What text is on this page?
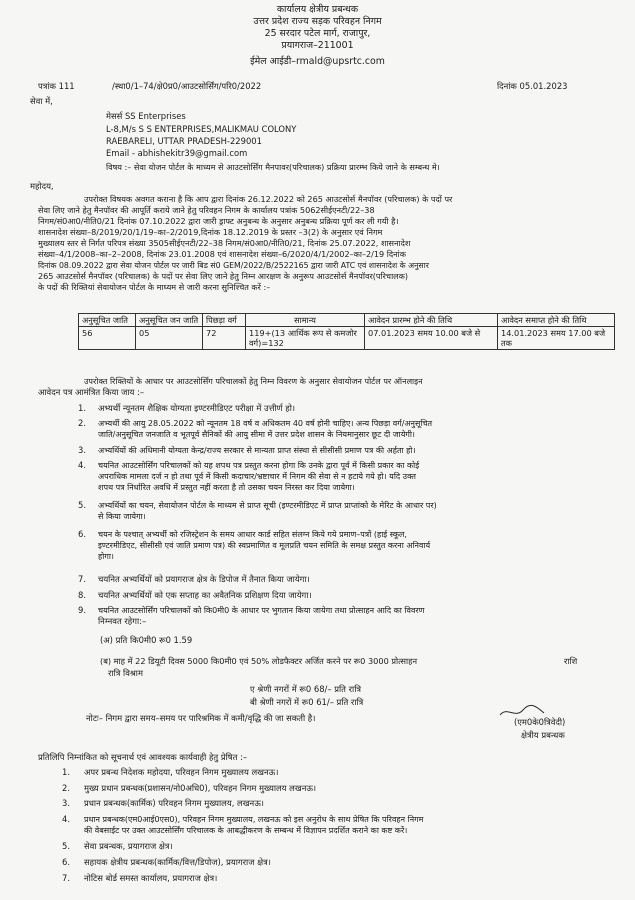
कार्यालय क्षेत्रीय प्रबन्धक
उत्तर प्रदेश राज्य सड़क परिवहन निगम
25 सरदार पटेल मार्ग, राजापुर,
प्रयागराज–211001
ईमेल आईडी–rmald@upsrtc.com
पत्रांक 111	/स्था0/1–74/क्षे0प्र0/आउटसोर्सिंग/परि0/2022	दिनांक 05.01.2023
सेवा में,
मेसर्स SS Enterprises
L-8,M/s S S ENTERPRISES,MALIKMAU COLONY
RAEBARELI, UTTAR PRADESH-229001
Email - abhishekitr39@gmail.com
विषय :– सेवा योजन पोर्टल के माध्यम से आउटसोर्सिंग मैनपावर(परिचालक) प्रक्रिया प्रारम्भ किये जाने के सम्बन्ध मे।
महोदय,
उपरोक्त विषयक अवगत कराना है कि आप द्वारा दिनांक 26.12.2022 को 265 आउटसोर्स मैनपॉवर (परिचालक) के पदों पर
सेवा लिए जाने हेतु मैनपॉवर की आपूर्ति कराये जाने हेतु परिवहन निगम के कार्यालय पत्रांक 5062सीईएनटी/22–38
निगम/सं0आ0/नीति0/21 दिनांक 07.10.2022 द्वारा जारी ड्राफ्ट अनुबन्ध के अनुसार अनुबन्ध प्रक्रिया पूर्ण कर ली गयी है।
शासनादेश संख्या–8/2019/20/1/19–का–2/2019,दिनांक 18.12.2019 के प्रस्तर –3(2) के अनुसार एवं निगम
मुख्यालय स्तर से निर्गत परिपत्र संख्या 3505सीईएनटी/22–38 निगम/सं0आ0/नीति0/21, दिनांक 25.07.2022, शासनादेश
संख्या–4/1/2008–का–2–2008, दिनांक 23.01.2008 एवं शासनादेश संख्या–6/2020/4/1/2002–का–2/19 दिनांक
दिनांक 08.09.2022 द्वारा सेवा योजन पोर्टल पर जारी बिड सं0 GEM/2022/B/2522165 द्वारा जारी ATC एवं शासनादेश के अनुसार
265 आउटसोर्स मैनपॉवर (परिचालक) के पदों पर सेवा लिए जाने हेतु निम्न आरक्षण के अनुरूप आउटसोर्स मैनपॉवर(परिचालक)
के पदों की रिक्तियां सेवायोजन पोर्टल के माध्यम से जारी करना सुनिश्चित करें :–
अनुसूचित जाति	अनुसूचित जन जाति	पिछड़ा वर्ग	सामान्य	आवेदन प्रारम्भ होने की तिथि	आवेदन समाप्त होने की तिथि
56	05	72	119+(13 आर्थिक रूप से कमजोर वर्ग)=132	07.01.2023 समय 10.00 बजे से	14.01.2023 समय 17.00 बजे तक
उपरोक्त रिक्तियों के आधार पर आउटसोर्सिंग परिचालकों हेतु निम्न विवरण के अनुसार सेवायोजन पोर्टल पर ऑनलाइन
आवेदन पत्र आमंत्रित किया जाय :–
1.	अभ्यर्थी न्यूनतम शैक्षिक योग्यता इण्टरमीडिएट परीक्षा में उत्तीर्ण हो।
2.	अभ्यर्थी की आयु 28.05.2022 को न्यूनतम 18 वर्ष व अधिकतम 40 वर्ष होनी चाहिए। अन्य पिछड़ा वर्ग/अनुसूचित
जाति/अनुसूचित जनजाति व भूतपूर्व सैनिकों की आयु सीमा में उत्तर प्रदेश शासन के नियमानुसार छूट दी जायेगी।
3.	अभ्यर्थियों की अधिमानी योग्यता केन्द्र/राज्य सरकार से मान्यता प्राप्त संस्था से सीसीसी प्रमाण पत्र की अर्हता हो।
4.	चयनित आउटसोर्सिंग परिचालकों को यह शपथ पत्र प्रस्तुत करना होगा कि उनके द्वारा पूर्व में किसी प्रकार का कोई
अपराधिक मामला दर्ज न हो तथा पूर्व में किसी कदाचार/भ्रष्टाचार में निगम की सेवा से न हटाये गये हो। यदि उक्त
शपथ पत्र निर्धारित अवधि में प्रस्तुत नहीं करता है तो उसका चयन निरस्त कर दिया जायेगा।
5.	अभ्यर्थियों का चयन, सेवायोजन पोर्टल के माध्यम से प्राप्त सूची (इण्टरमीडिएट में प्राप्त प्राप्तांको के मेरिट के आधार पर)
से किया जायेगा।
6.	चयन के पश्चात् अभ्यर्थी को रजिस्ट्रेशन के समय आधार कार्ड सहित संलग्न किये गये प्रमाण–पत्रों (हाई स्कूल,
इण्टरमीडिएट, सीसीसी एवं जाति प्रमाण पत्र) की स्वप्रमाणित व मूलप्रति चयन समिति के समक्ष प्रस्तुत करना अनिवार्य
होगा।
7.	चयनित अभ्यर्थियों को प्रयागराज क्षेत्र के डिपोज में तैनात किया जायेगा।
8.	चयनित अभ्यर्थियों को एक सप्ताह का अवैतनिक प्रशिक्षण दिया जायेगा।
9.	चयनित आउटसोर्सिंग परिचालकों को कि0मी0 के आधार पर भुगतान किया जायेगा तथा प्रोत्साहन आदि का विवरण
निम्नवत रहेगा:–
(अ) प्रति कि0मी0 रू0 1.59
(ब) माह में 22 डियूटी दिवस 5000 कि0मी0 एवं 50% लोडफैक्टर अर्जित करने पर रू0 3000 प्रोत्साहन	राशि
रात्रि विश्राम
ए श्रेणी नगरों में रू0 68/– प्रति रात्रि
बी श्रेणी नगरों में रू0 61/– प्रति रात्रि
नोटः– निगम द्वारा समय–समय पर पारिश्रमिक में कमी/वृद्धि की जा सकती है।	(एम0के0त्रिवेदी)
क्षेत्रीय प्रबन्धक
प्रतिलिपि निम्नांकित को सूचनार्थ एवं आवश्यक कार्यवाही हेतु प्रेषित :–
1.	अपर प्रबन्ध निदेशक महोदया, परिवहन निगम मुख्यालय लखनऊ।
2.	मुख्य प्रधान प्रबन्धक(प्रशासन/नो0अधि0), परिवहन निगम मुख्यालय लखनऊ।
3.	प्रधान प्रबन्धक(कार्मिक) परिवहन निगम मुख्यालय, लखनऊ।
4.	प्रधान प्रबन्धक(एम0आई0एस0), परिवहन निगम मुख्यालय, लखनऊ को इस अनुरोध के साथ प्रेषित कि परिवहन निगम
की वेबसाईट पर उक्त आउटसोर्सिंग परिचालक के आबद्धीकरण के सम्बन्ध में विज्ञापन प्रदर्शित कराने का कष्ट करें।
5.	सेवा प्रबन्धक, प्रयागराज क्षेत्र।
6.	सहायक क्षेत्रीय प्रबन्धक(कार्मिक/वित्त/डिपोज), प्रयागराज क्षेत्र।
7.	नोटिस बोर्ड समस्त कार्यालय, प्रयागराज क्षेत्र।
